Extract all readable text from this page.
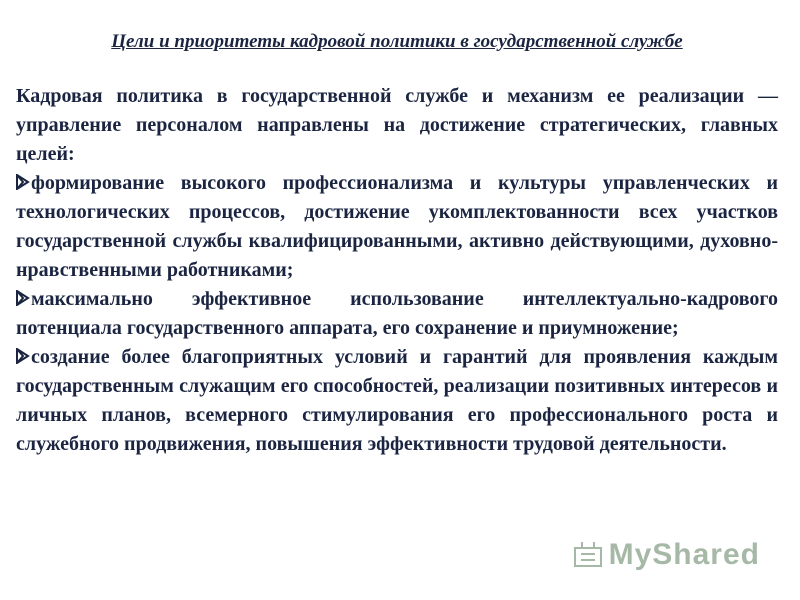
Цели и приоритеты кадровой политики в государственной службе

Кадровая политика в государственной службе и механизм ее реализации — управление персоналом направлены на достижение стратегических, главных целей:

формирование высокого профессионализма и культуры управленческих и технологических процессов, достижение укомплектованности всех участков государственной службы квалифицированными, активно действующими, духовно-нравственными работниками;

максимально эффективное использование интеллектуально-кадрового потенциала государственного аппарата, его сохранение и приумножение;

создание более благоприятных условий и гарантий для проявления каждым государственным служащим его способностей, реализации позитивных интересов и личных планов, всемерного стимулирования его профессионального роста и служебного продвижения, повышения эффективности трудовой деятельности.

MyShared
